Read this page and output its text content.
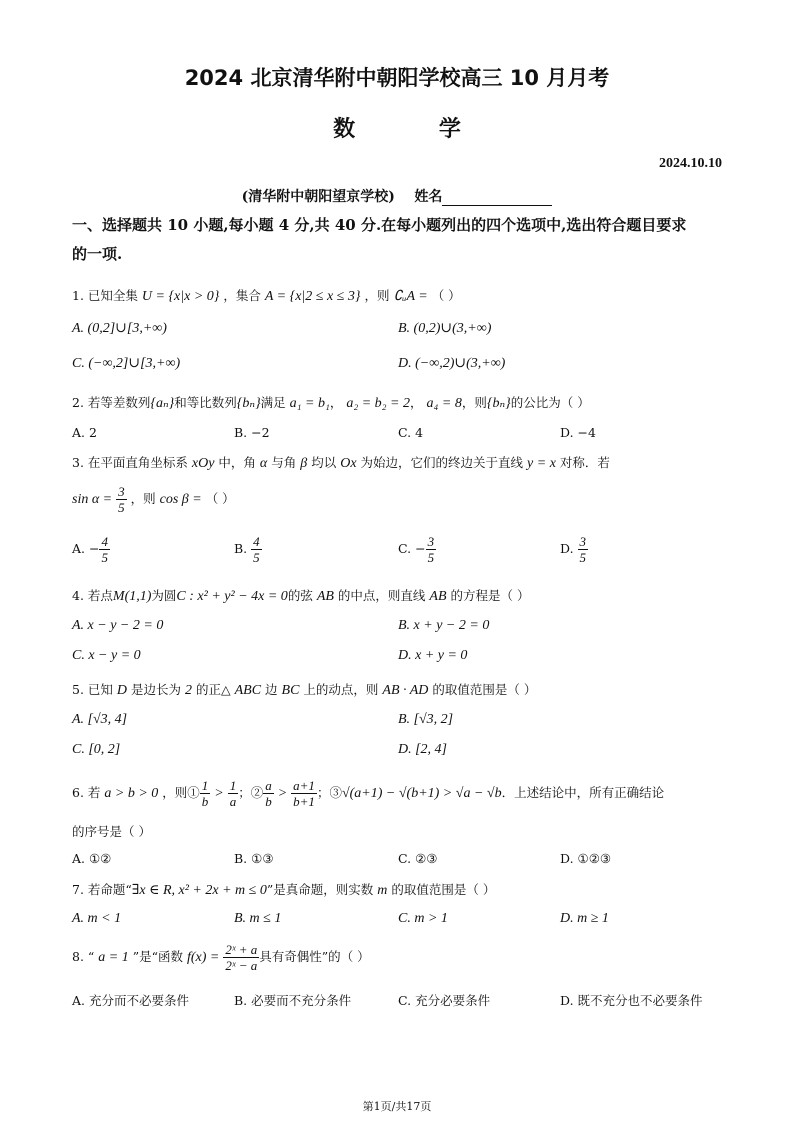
2024 北京清华附中朝阳学校高三 10 月月考
数 学
2024.10.10
(清华附中朝阳望京学校) 姓名
一、选择题共 10 小题,每小题 4 分,共 40 分.在每小题列出的四个选项中,选出符合题目要求
的一项.
1. 已知全集 U = {x|x > 0} ，集合 A = {x|2 ≤ x ≤ 3} ，则 ∁ᵤA = （ ）
A. (0,2]∪[3,+∞)	B. (0,2)∪(3,+∞)
C. (−∞,2]∪[3,+∞)	D. (−∞,2)∪(3,+∞)
2. 若等差数列{aₙ}和等比数列{bₙ}满足 a₁ = b₁， a₂ = b₂ = 2， a₄ = 8，则{bₙ}的公比为（ ）
A. 2	B. −2	C. 4	D. −4
3. 在平面直角坐标系 xOy 中，角 α 与角 β 均以 Ox 为始边，它们的终边关于直线 y = x 对称．若
$\sin \alpha = \frac{3}{5}$ ，则 cos β = （ ）
A. − $\frac{4}{5}$	B. $\frac{4}{5}$	C. − $\frac{3}{5}$	D. $\frac{3}{5}$
4. 若点M(1,1)为圆C : x² + y² − 4x = 0的弦 AB 的中点，则直线 AB 的方程是（ ）
A. x − y − 2 = 0	B. x + y − 2 = 0
C. x − y = 0	D. x + y = 0
5. 已知 D 是边长为 2 的正△ ABC 边 BC 上的动点，则 AB · AD 的取值范围是（ ）
A. [√3, 4]	B. [√3, 2]
C. [0, 2]	D. [2, 4]
6. 若 a > b > 0 ，则① $\frac{1}{b} > \frac{1}{a}$ ；② $\frac{a}{b} > \frac{a+1}{b+1}$ ；③√(a+1) − √(b+1) > √a − √b．上述结论中，所有正确结论
的序号是（ ）
A. ①②	B. ①③	C. ②③	D. ①②③
7. 若命题“∃x ∈ R, x² + 2x + m ≤ 0”是真命题，则实数 m 的取值范围是（ ）
A. m < 1	B. m ≤ 1	C. m > 1	D. m ≥ 1
8. “ a = 1 ”是“函数 $f(x) = \frac{\text{2ˣ + a}}{\text{2ˣ − a}}$ 具有奇偶性”的（ ）
A. 充分而不必要条件	B. 必要而不充分条件	C. 充分必要条件	D. 既不充分也不必要条件
第1页/共17页
